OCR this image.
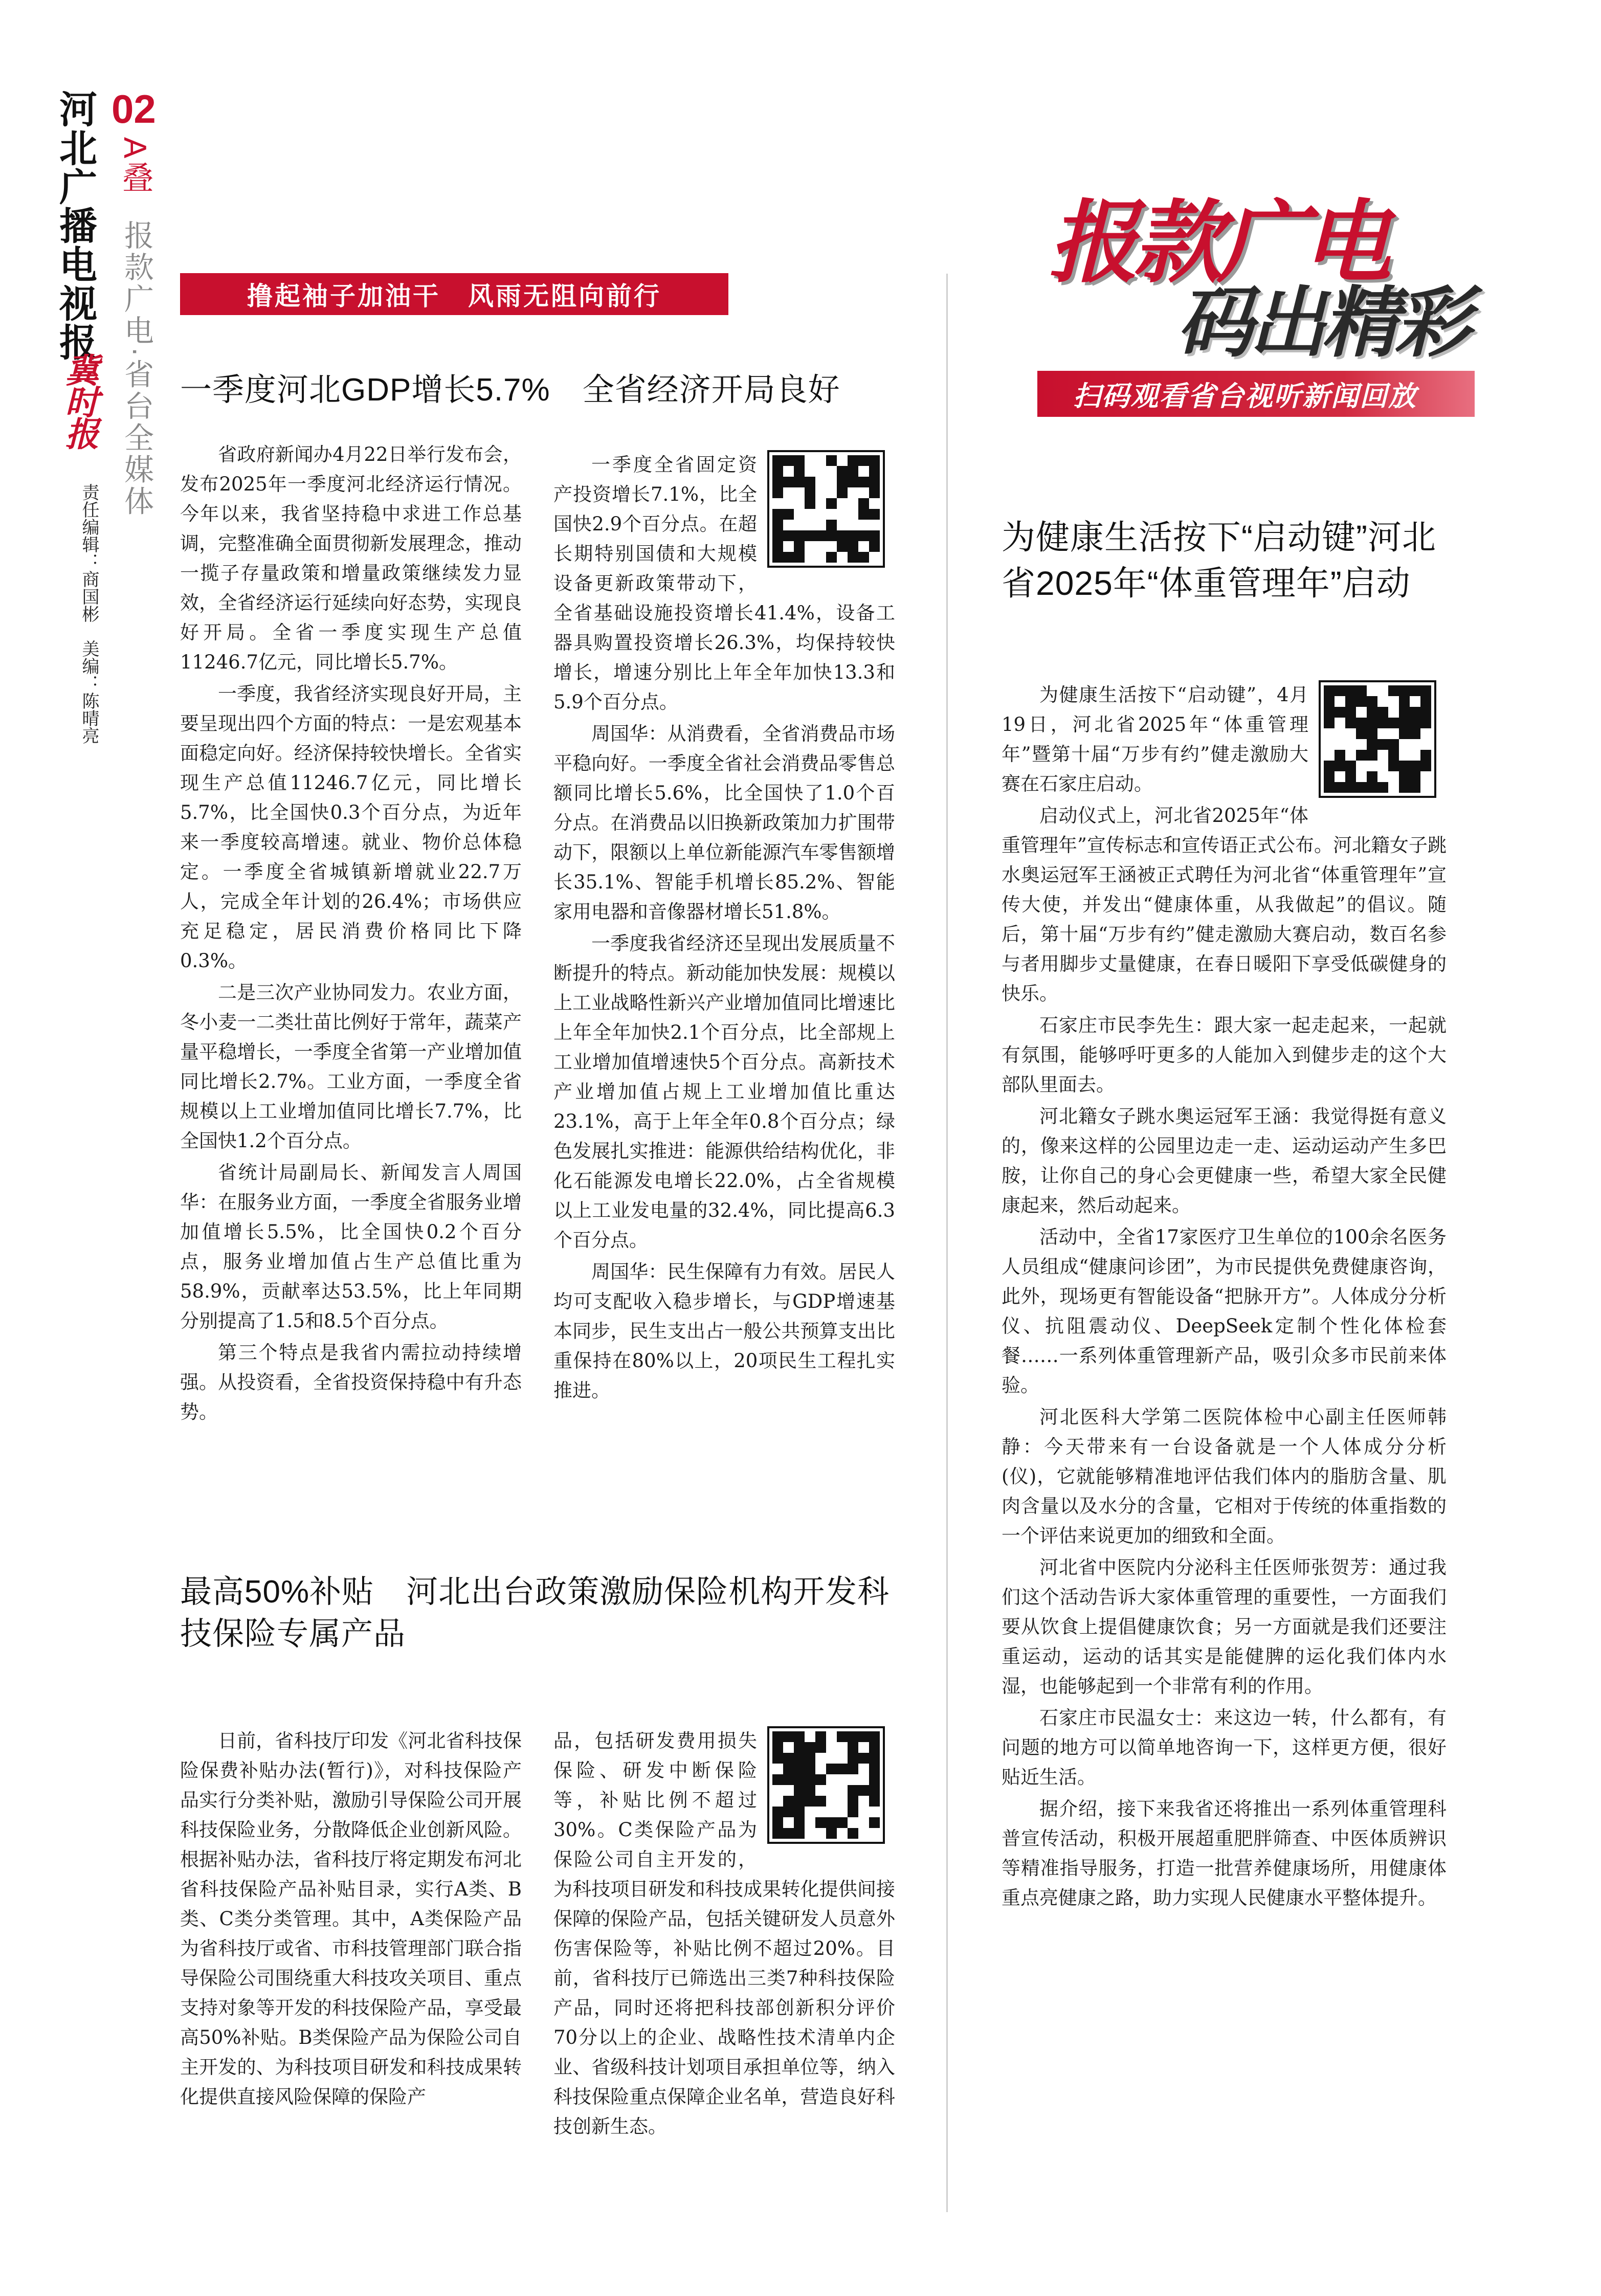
河北广播电视报
冀时报
02
A叠
报款广电·省台全媒体
责任编辑：商国彬　美编：陈晴亮
报款广电
码出精彩
扫码观看省台视听新闻回放
撸起袖子加油干　风雨无阻向前行
一季度河北GDP增长5.7%　全省经济开局良好

省政府新闻办4月22日举行发布会，发布2025年一季度河北经济运行情况。今年以来，我省坚持稳中求进工作总基调，完整准确全面贯彻新发展理念，推动一揽子存量政策和增量政策继续发力显效，全省经济运行延续向好态势，实现良好开局。全省一季度实现生产总值11246.7亿元，同比增长5.7%。

一季度，我省经济实现良好开局，主要呈现出四个方面的特点：一是宏观基本面稳定向好。经济保持较快增长。全省实现生产总值11246.7亿元，同比增长5.7%，比全国快0.3个百分点，为近年来一季度较高增速。就业、物价总体稳定。一季度全省城镇新增就业22.7万人，完成全年计划的26.4%；市场供应充足稳定，居民消费价格同比下降0.3%。

二是三次产业协同发力。农业方面，冬小麦一二类壮苗比例好于常年，蔬菜产量平稳增长，一季度全省第一产业增加值同比增长2.7%。工业方面，一季度全省规模以上工业增加值同比增长7.7%，比全国快1.2个百分点。

省统计局副局长、新闻发言人周国华：在服务业方面，一季度全省服务业增加值增长5.5%，比全国快0.2个百分点，服务业增加值占生产总值比重为58.9%，贡献率达53.5%，比上年同期分别提高了1.5和8.5个百分点。

第三个特点是我省内需拉动持续增强。从投资看，全省投资保持稳中有升态势。

一季度全省固定资产投资增长7.1%，比全国快2.9个百分点。在超长期特别国债和大规模设备更新政策带动下，全省基础设施投资增长41.4%，设备工器具购置投资增长26.3%，均保持较快增长，增速分别比上年全年加快13.3和5.9个百分点。

周国华：从消费看，全省消费品市场平稳向好。一季度全省社会消费品零售总额同比增长5.6%，比全国快了1.0个百分点。在消费品以旧换新政策加力扩围带动下，限额以上单位新能源汽车零售额增长35.1%、智能手机增长85.2%、智能家用电器和音像器材增长51.8%。

一季度我省经济还呈现出发展质量不断提升的特点。新动能加快发展：规模以上工业战略性新兴产业增加值同比增速比上年全年加快2.1个百分点，比全部规上工业增加值增速快5个百分点。高新技术产业增加值占规上工业增加值比重达23.1%，高于上年全年0.8个百分点；绿色发展扎实推进：能源供给结构优化，非化石能源发电增长22.0%，占全省规模以上工业发电量的32.4%，同比提高6.3个百分点。

周国华：民生保障有力有效。居民人均可支配收入稳步增长，与GDP增速基本同步，民生支出占一般公共预算支出比重保持在80%以上，20项民生工程扎实推进。

最高50%补贴　河北出台政策激励保险机构开发科技保险专属产品

日前，省科技厅印发《河北省科技保险保费补贴办法(暂行)》，对科技保险产品实行分类补贴，激励引导保险公司开展科技保险业务，分散降低企业创新风险。根据补贴办法，省科技厅将定期发布河北省科技保险产品补贴目录，实行A类、B类、C类分类管理。其中，A类保险产品为省科技厅或省、市科技管理部门联合指导保险公司围绕重大科技攻关项目、重点支持对象等开发的科技保险产品，享受最高50%补贴。B类保险产品为保险公司自主开发的、为科技项目研发和科技成果转化提供直接风险保障的保险产

品，包括研发费用损失保险、研发中断保险等，补贴比例不超过30%。C类保险产品为保险公司自主开发的，为科技项目研发和科技成果转化提供间接保障的保险产品，包括关键研发人员意外伤害保险等，补贴比例不超过20%。目前，省科技厅已筛选出三类7种科技保险产品，同时还将把科技部创新积分评价70分以上的企业、战略性技术清单内企业、省级科技计划项目承担单位等，纳入科技保险重点保障企业名单，营造良好科技创新生态。

为健康生活按下“启动键”河北省2025年“体重管理年”启动

为健康生活按下“启动键”，4月19日，河北省2025年“体重管理年”暨第十届“万步有约”健走激励大赛在石家庄启动。

启动仪式上，河北省2025年“体重管理年”宣传标志和宣传语正式公布。河北籍女子跳水奥运冠军王涵被正式聘任为河北省“体重管理年”宣传大使，并发出“健康体重，从我做起”的倡议。随后，第十届“万步有约”健走激励大赛启动，数百名参与者用脚步丈量健康，在春日暖阳下享受低碳健身的快乐。

石家庄市民李先生：跟大家一起走起来，一起就有氛围，能够呼吁更多的人能加入到健步走的这个大部队里面去。

河北籍女子跳水奥运冠军王涵：我觉得挺有意义的，像来这样的公园里边走一走、运动运动产生多巴胺，让你自己的身心会更健康一些，希望大家全民健康起来，然后动起来。

活动中，全省17家医疗卫生单位的100余名医务人员组成“健康问诊团”，为市民提供免费健康咨询，此外，现场更有智能设备“把脉开方”。人体成分分析仪、抗阻震动仪、DeepSeek定制个性化体检套餐……一系列体重管理新产品，吸引众多市民前来体验。

河北医科大学第二医院体检中心副主任医师韩静：今天带来有一台设备就是一个人体成分分析(仪)，它就能够精准地评估我们体内的脂肪含量、肌肉含量以及水分的含量，它相对于传统的体重指数的一个评估来说更加的细致和全面。

河北省中医院内分泌科主任医师张贺芳：通过我们这个活动告诉大家体重管理的重要性，一方面我们要从饮食上提倡健康饮食；另一方面就是我们还要注重运动，运动的话其实是能健脾的运化我们体内水湿，也能够起到一个非常有利的作用。

石家庄市民温女士：来这边一转，什么都有，有问题的地方可以简单地咨询一下，这样更方便，很好贴近生活。

据介绍，接下来我省还将推出一系列体重管理科普宣传活动，积极开展超重肥胖筛查、中医体质辨识等精准指导服务，打造一批营养健康场所，用健康体重点亮健康之路，助力实现人民健康水平整体提升。
